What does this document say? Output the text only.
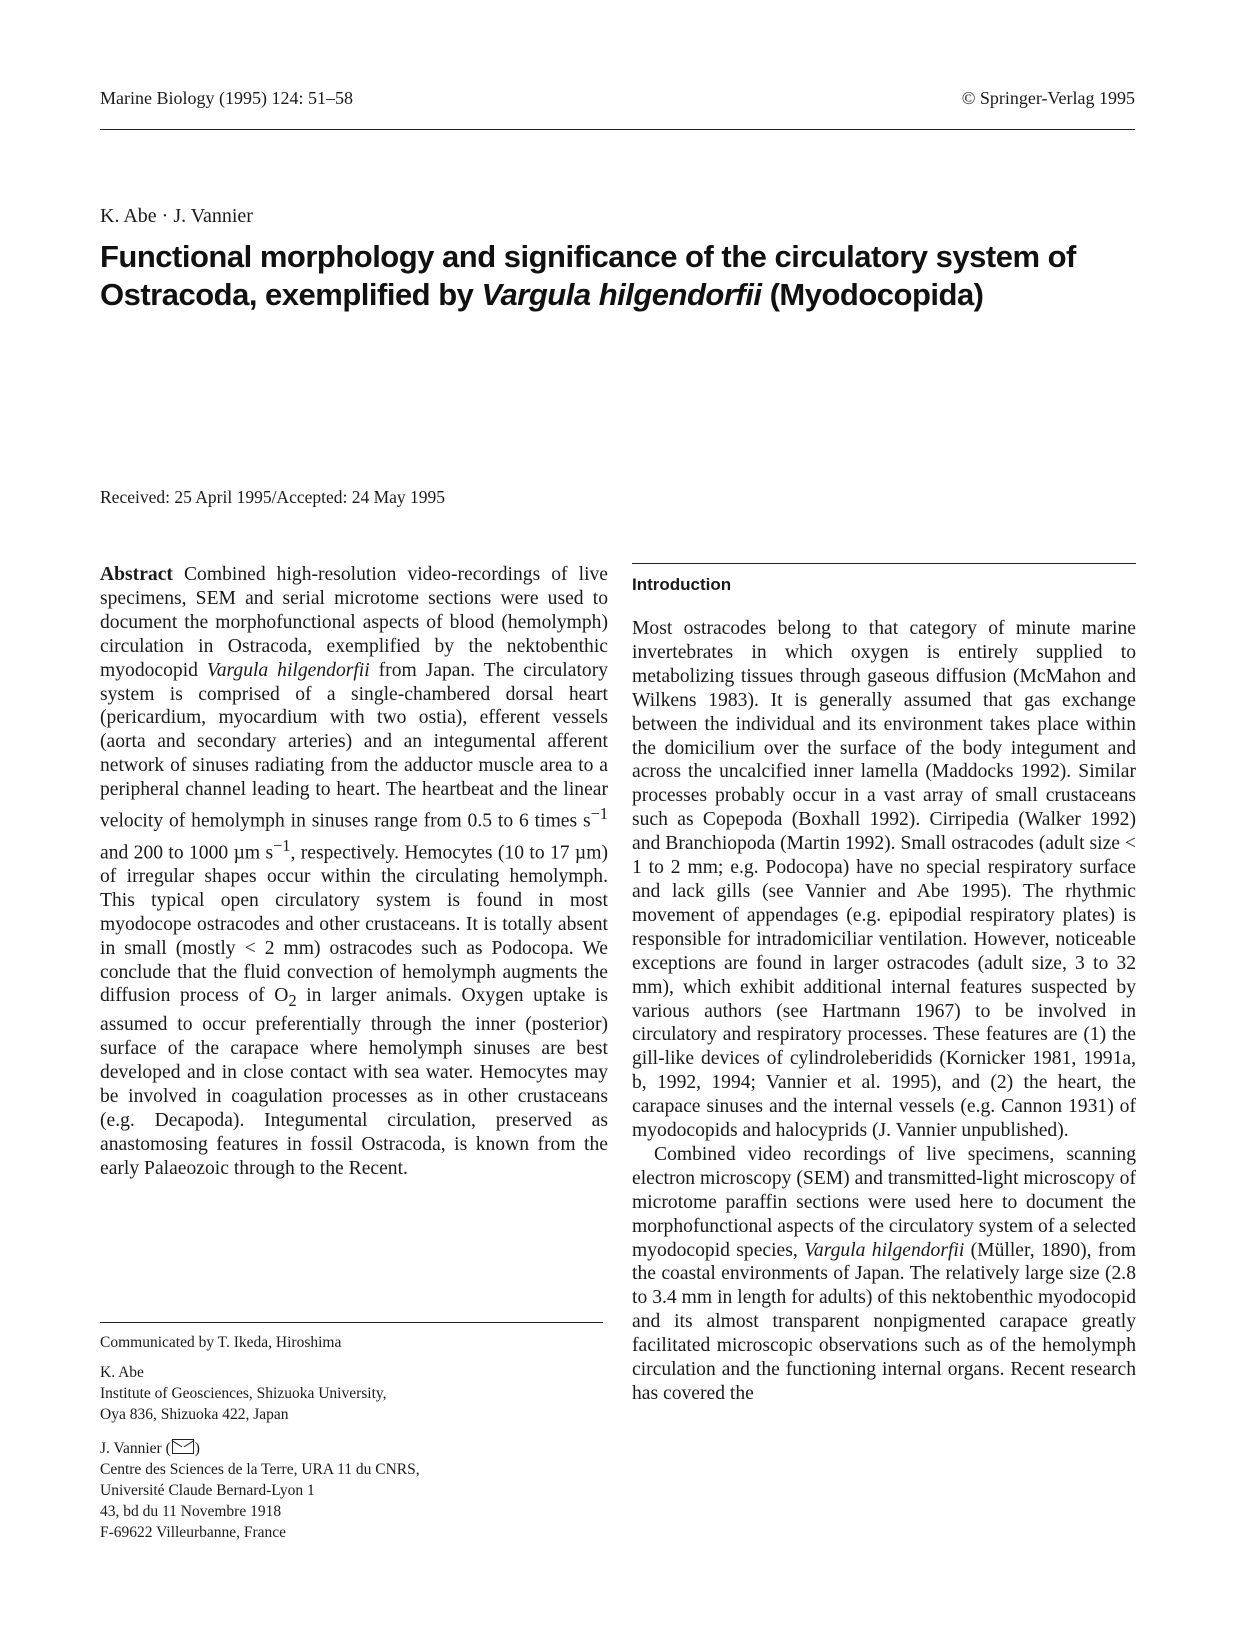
Marine Biology (1995) 124: 51–58	© Springer-Verlag 1995
K. Abe · J. Vannier
Functional morphology and significance of the circulatory system of Ostracoda, exemplified by Vargula hilgendorfii (Myodocopida)
Received: 25 April 1995/Accepted: 24 May 1995

Abstract Combined high-resolution video-recordings of live specimens, SEM and serial microtome sections were used to document the morphofunctional aspects of blood (hemolymph) circulation in Ostracoda, exemplified by the nektobenthic myodocopid Vargula hilgendorfii from Japan. The circulatory system is comprised of a single-chambered dorsal heart (pericardium, myocardium with two ostia), efferent vessels (aorta and secondary arteries) and an integumental afferent network of sinuses radiating from the adductor muscle area to a peripheral channel leading to heart. The heartbeat and the linear velocity of hemolymph in sinuses range from 0.5 to 6 times $s^{-1}$ and 200 to 1000 µm $s^{-1}$, respectively. Hemocytes (10 to 17 µm) of irregular shapes occur within the circulating hemolymph. This typical open circulatory system is found in most myodocope ostracodes and other crustaceans. It is totally absent in small (mostly < 2 mm) ostracodes such as Podocopa. We conclude that the fluid convection of hemolymph augments the diffusion process of $O_2$ in larger animals. Oxygen uptake is assumed to occur preferentially through the inner (posterior) surface of the carapace where hemolymph sinuses are best developed and in close contact with sea water. Hemocytes may be involved in coagulation processes as in other crustaceans (e.g. Decapoda). Integumental circulation, preserved as anastomosing features in fossil Ostracoda, is known from the early Palaeozoic through to the Recent.

Communicated by T. Ikeda, Hiroshima
K. Abe
Institute of Geosciences, Shizuoka University,
Oya 836, Shizuoka 422, Japan
J. Vannier ( )
Centre des Sciences de la Terre, URA 11 du CNRS,
Université Claude Bernard-Lyon 1
43, bd du 11 Novembre 1918
F-69622 Villeurbanne, France
Introduction

Most ostracodes belong to that category of minute marine invertebrates in which oxygen is entirely supplied to metabolizing tissues through gaseous diffusion (McMahon and Wilkens 1983). It is generally assumed that gas exchange between the individual and its environment takes place within the domicilium over the surface of the body integument and across the uncalcified inner lamella (Maddocks 1992). Similar processes probably occur in a vast array of small crustaceans such as Copepoda (Boxhall 1992). Cirripedia (Walker 1992) and Branchiopoda (Martin 1992). Small ostracodes (adult size < 1 to 2 mm; e.g. Podocopa) have no special respiratory surface and lack gills (see Vannier and Abe 1995). The rhythmic movement of appendages (e.g. epipodial respiratory plates) is responsible for intradomiciliar ventilation. However, noticeable exceptions are found in larger ostracodes (adult size, 3 to 32 mm), which exhibit additional internal features suspected by various authors (see Hartmann 1967) to be involved in circulatory and respiratory processes. These features are (1) the gill-like devices of cylindroleberidids (Kornicker 1981, 1991a, b, 1992, 1994; Vannier et al. 1995), and (2) the heart, the carapace sinuses and the internal vessels (e.g. Cannon 1931) of myodocopids and halocyprids (J. Vannier unpublished).

Combined video recordings of live specimens, scanning electron microscopy (SEM) and transmitted-light microscopy of microtome paraffin sections were used here to document the morphofunctional aspects of the circulatory system of a selected myodocopid species, Vargula hilgendorfii (Müller, 1890), from the coastal environments of Japan. The relatively large size (2.8 to 3.4 mm in length for adults) of this nektobenthic myodocopid and its almost transparent nonpigmented carapace greatly facilitated microscopic observations such as of the hemolymph circulation and the functioning internal organs. Recent research has covered the
